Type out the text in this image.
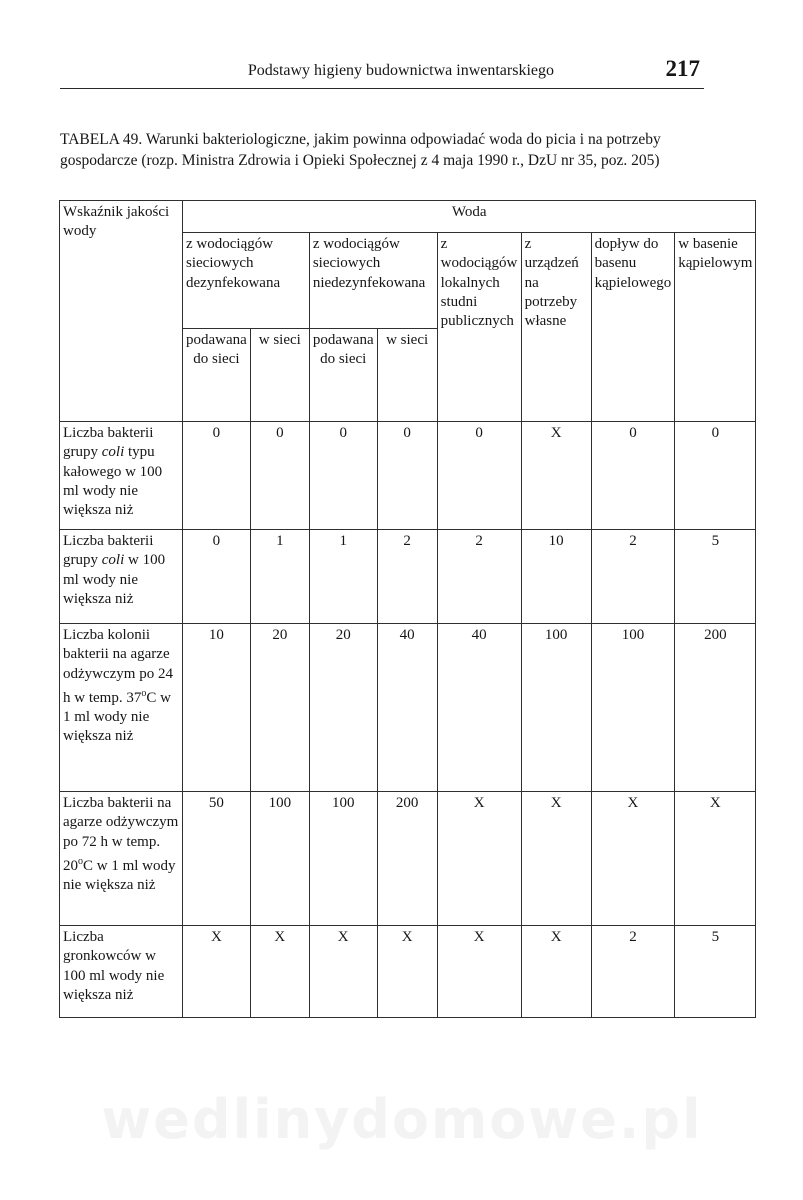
Podstawy higieny budownictwa inwentarskiego	217
TABELA 49. Warunki bakteriologiczne, jakim powinna odpowiadać woda do picia i na potrzeby gospodarcze (rozp. Ministra Zdrowia i Opieki Społecznej z 4 maja 1990 r., DzU nr 35, poz. 205)
Wskaźnik jakości wody	Woda							
	z wodociągów sieciowych dezynfekowana		z wodociągów sieciowych niedezynfekowana		z wodociągów lokalnych studni publicznych	z urządzeń na potrzeby własne	dopływ do basenu kąpielowego	w basenie kąpielowym
	podawana do sieci	w sieci	podawana do sieci	w sieci				
Liczba bakterii grupy coli typu kałowego w 100 ml wody nie większa niż	0	0	0	0	0	X	0	0
Liczba bakterii grupy coli w 100 ml wody nie większa niż	0	1	1	2	2	10	2	5
Liczba kolonii bakterii na agarze odżywczym po 24 h w temp. 37$^o$C w 1 ml wody nie większa niż	10	20	20	40	40	100	100	200
Liczba bakterii na agarze odżywczym po 72 h w temp. 20$^o$C w 1 ml wody nie większa niż	50	100	100	200	X	X	X	X
Liczba gronkowców w 100 ml wody nie większa niż	X	X	X	X	X	X	2	5
wedlinydomowe.pl
